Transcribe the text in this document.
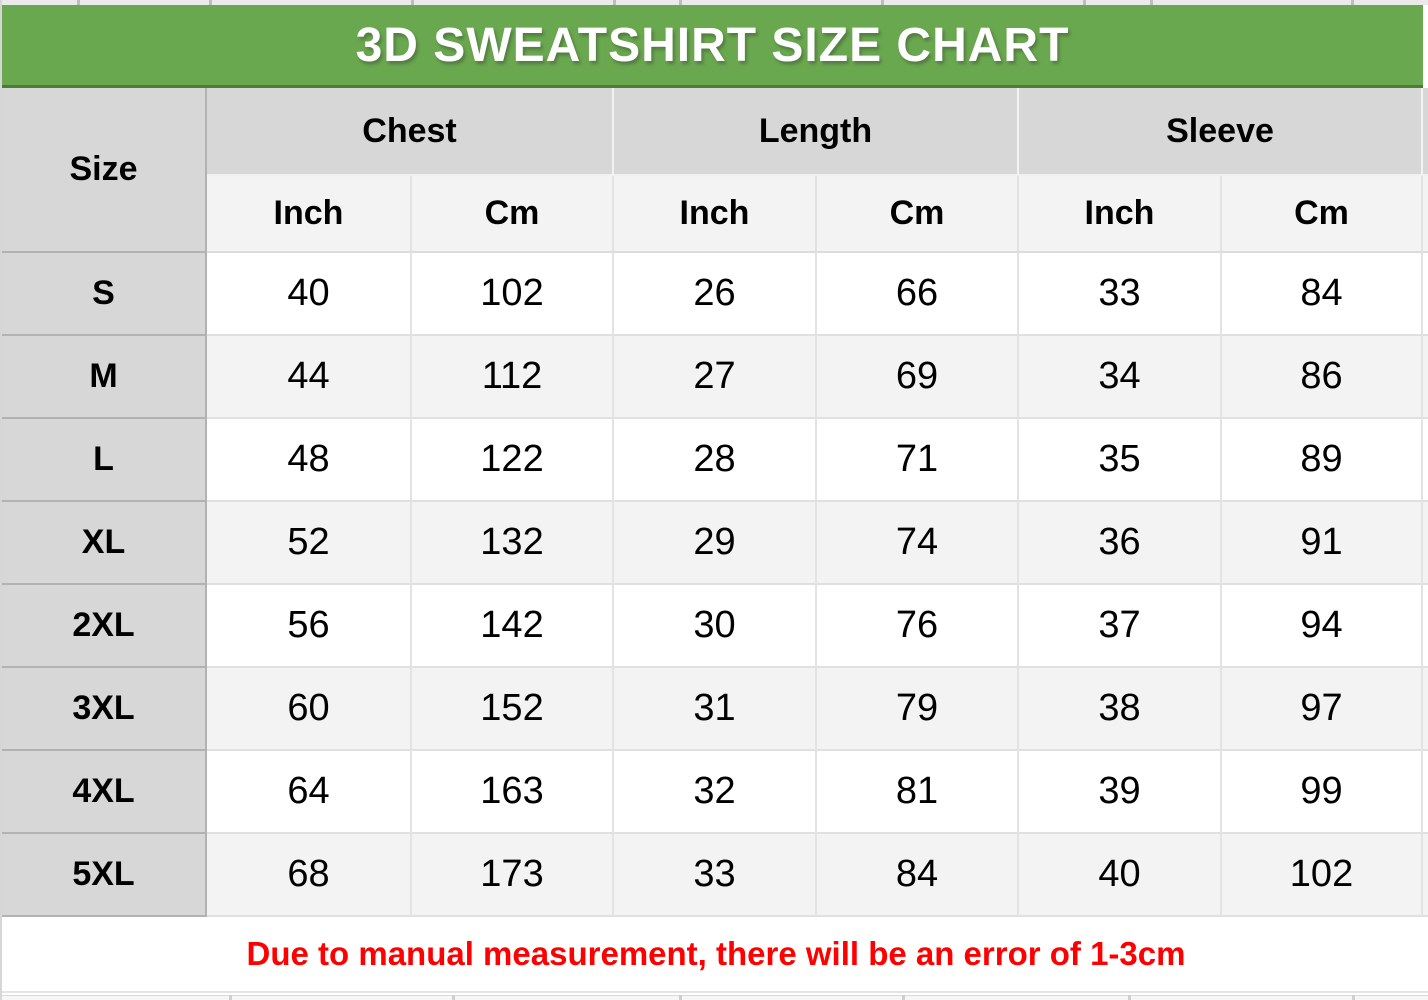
3D SWEATSHIRT SIZE CHART							
Size	Chest		Length		Sleeve		
	Inch	Cm	Inch	Cm	Inch	Cm	
S	40	102	26	66	33	84	
M	44	112	27	69	34	86	
L	48	122	28	71	35	89	
XL	52	132	29	74	36	91	
2XL	56	142	30	76	37	94	
3XL	60	152	31	79	38	97	
4XL	64	163	32	81	39	99	
5XL	68	173	33	84	40	102	
Due to manual measurement, there will be an error of 1-3cm							
